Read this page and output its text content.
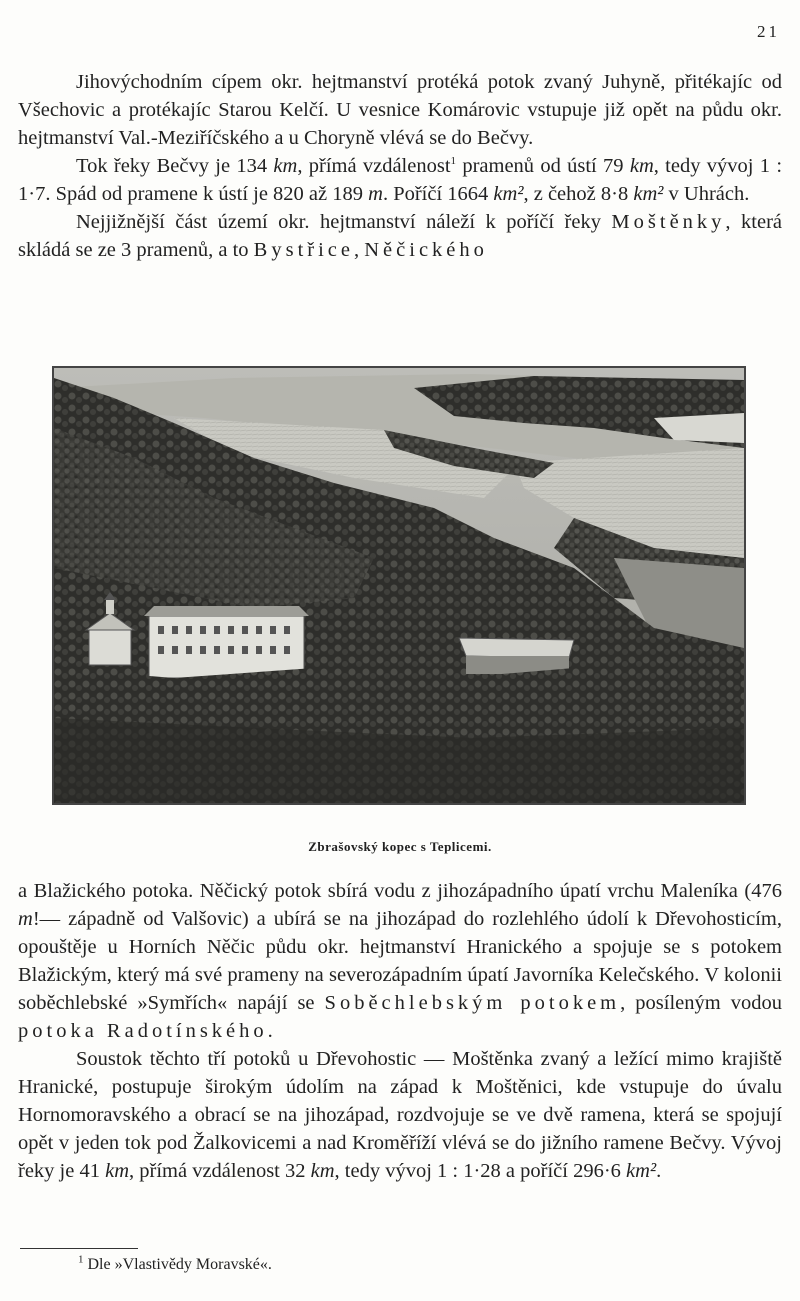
21

Jihovýchodním cípem okr. hejtmanství protéká potok zvaný Juhyně, přitékajíc od Všechovic a protékajíc Starou Kelčí. U vesnice Komárovic vstupuje již opět na půdu okr. hejtmanství Val.-Meziříčského a u Choryně vlévá se do Bečvy.

Tok řeky Bečvy je 134 km, přímá vzdálenost$^1$ pramenů od ústí 79 km, tedy vývoj 1 : 1·7. Spád od pramene k ústí je 820 až 189 m. Poříčí 1664 km², z čehož 8·8 km² v Uhrách.

Nejjižnější část území okr. hejtmanství náleží k poříčí řeky Moštěnky, která skládá se ze 3 pramenů, a to Bystřice, Něčického

Zbrašovský kopec s Teplicemi.

a Blažického potoka. Něčický potok sbírá vodu z jihozápadního úpatí vrchu Maleníka (476 m!— západně od Valšovic) a ubírá se na jihozápad do rozlehlého údolí k Dřevohosticím, opouštěje u Horních Něčic půdu okr. hejtmanství Hranického a spojuje se s potokem Blažickým, který má své prameny na severozápadním úpatí Javorníka Kelečského. V kolonii soběchlebské »Symřích« napájí se Soběchlebským potokem, posíleným vodou potoka Radotínského.

Soustok těchto tří potoků u Dřevohostic — Moštěnka zvaný a ležící mimo krajiště Hranické, postupuje širokým údolím na západ k Moštěnici, kde vstupuje do úvalu Hornomoravského a obrací se na jihozápad, rozdvojuje se ve dvě ramena, která se spojují opět v jeden tok pod Žalkovicemi a nad Kroměříží vlévá se do jižního ramene Bečvy. Vývoj řeky je 41 km, přímá vzdálenost 32 km, tedy vývoj 1 : 1·28 a poříčí 296·6 km².

$^1$ Dle »Vlastivědy Moravské«.
